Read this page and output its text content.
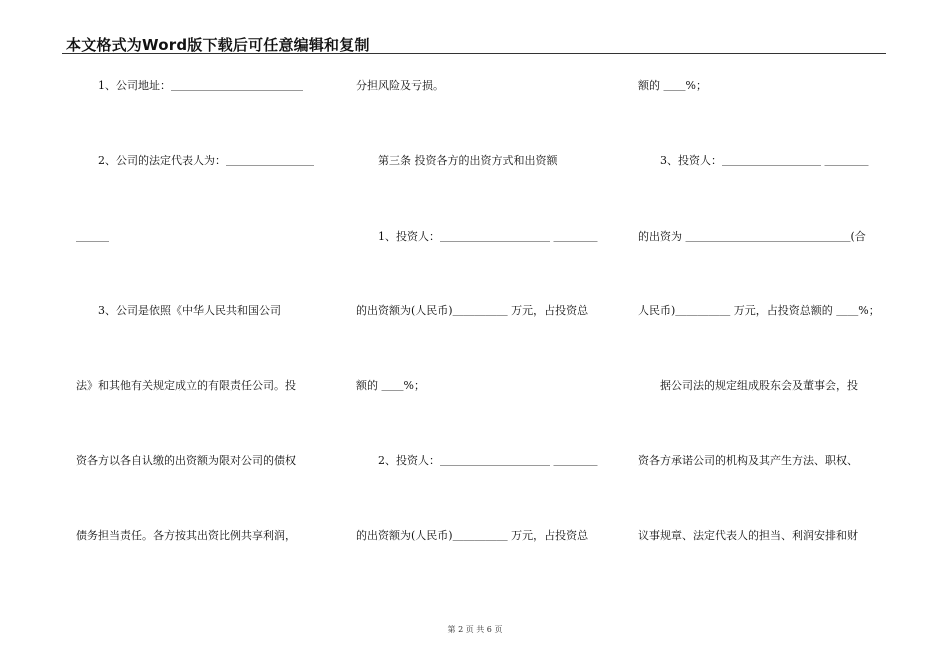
本文格式为Word版下载后可任意编辑和复制
　　1、公司地址：＿＿＿＿＿＿＿＿＿＿＿＿
　　2、公司的法定代表人为：＿＿＿＿＿＿＿＿
＿＿＿
　　3、公司是依照《中华人民共和国公司
法》和其他有关规定成立的有限责任公司。投
资各方以各自认缴的出资额为限对公司的债权
债务担当责任。各方按其出资比例共享利润，
分担风险及亏损。
　　第三条 投资各方的出资方式和出资额
　　1、投资人：＿＿＿＿＿＿＿＿＿＿ ＿＿＿＿
的出资额为(人民币)＿＿＿＿＿ 万元，占投资总
额的 ＿＿%；
　　2、投资人：＿＿＿＿＿＿＿＿＿＿ ＿＿＿＿
的出资额为(人民币)＿＿＿＿＿ 万元，占投资总
额的 ＿＿%；
　　3、投资人：＿＿＿＿＿＿＿＿＿ ＿＿＿＿
的出资为 ＿＿＿＿＿＿＿＿＿＿＿＿＿＿＿(合
人民币)＿＿＿＿＿ 万元，占投资总额的 ＿＿%；
　　据公司法的规定组成股东会及董事会，投
资各方承诺公司的机构及其产生方法、职权、
议事规章、法定代表人的担当、利润安排和财
第 2 页 共 6 页
